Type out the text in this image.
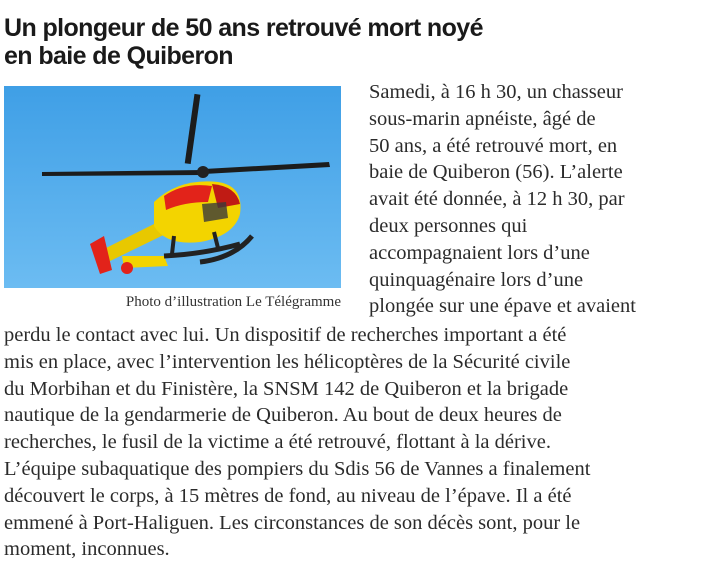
Un plongeur de 50 ans retrouvé mort noyé
en baie de Quiberon
Photo d’illustration Le Télégramme
Samedi, à 16 h 30, un chasseur
sous-marin apnéiste, âgé de
50 ans, a été retrouvé mort, en
baie de Quiberon (56). L’alerte
avait été donnée, à 12 h 30, par
deux personnes qui
accompagnaient lors d’une
quinquagénaire lors d’une
plongée sur une épave et avaient
perdu le contact avec lui. Un dispositif de recherches important a été
mis en place, avec l’intervention les hélicoptères de la Sécurité civile
du Morbihan et du Finistère, la SNSM 142 de Quiberon et la brigade
nautique de la gendarmerie de Quiberon. Au bout de deux heures de
recherches, le fusil de la victime a été retrouvé, flottant à la dérive.
L’équipe subaquatique des pompiers du Sdis 56 de Vannes a finalement
découvert le corps, à 15 mètres de fond, au niveau de l’épave. Il a été
emmené à Port-Haliguen. Les circonstances de son décès sont, pour le
moment, inconnues.
